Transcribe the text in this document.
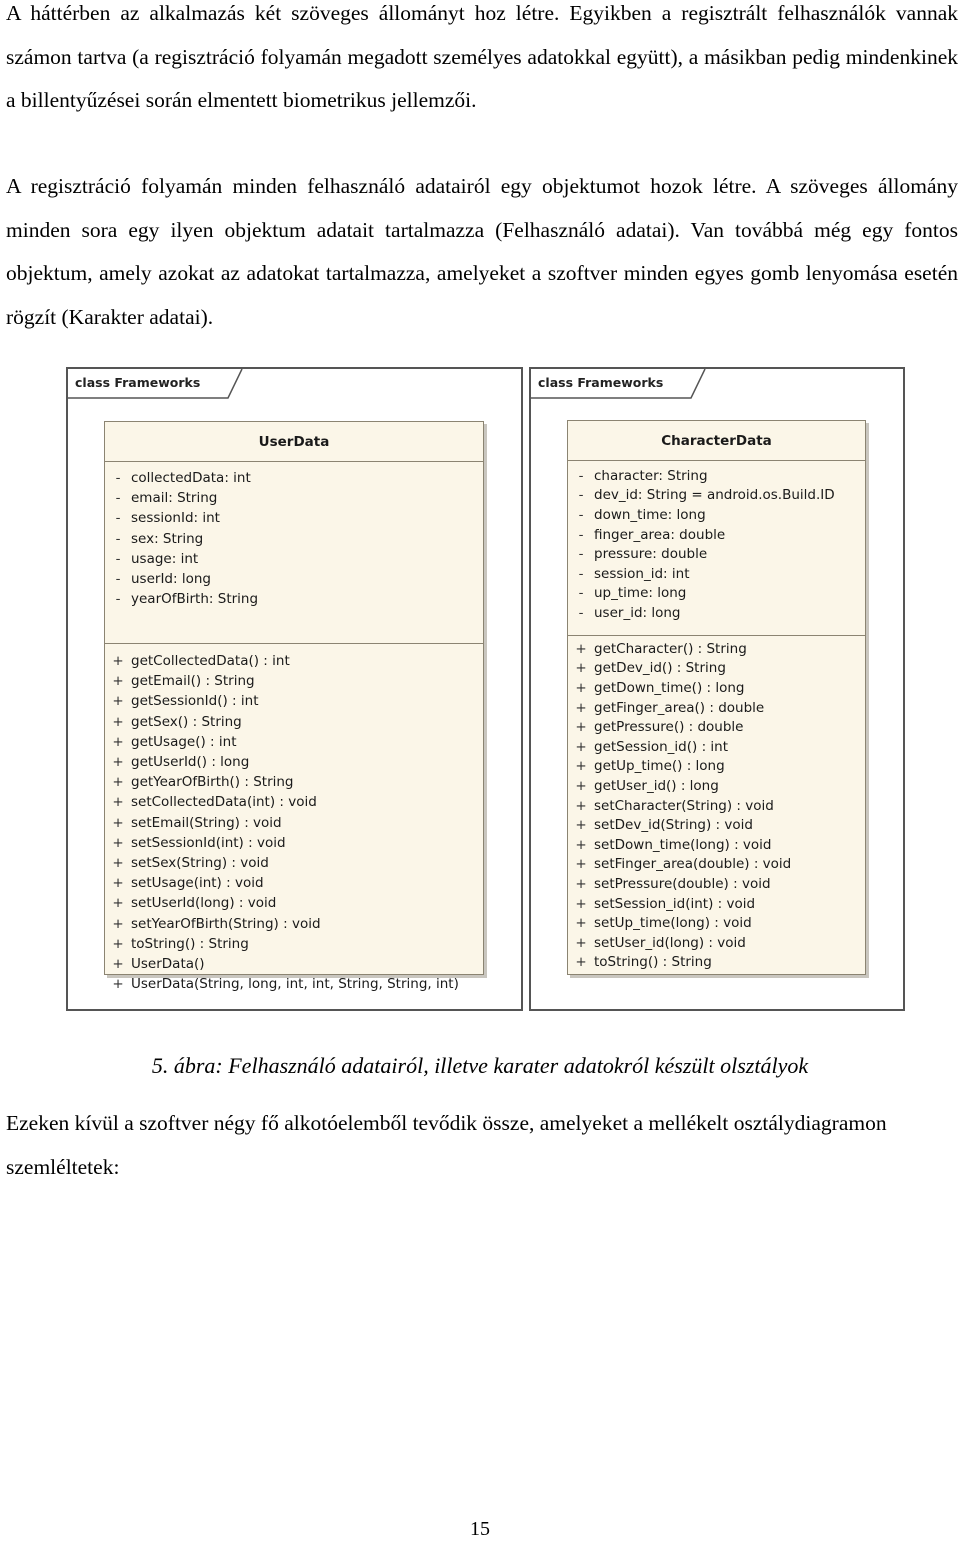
A háttérben az alkalmazás két szöveges állományt hoz létre. Egyikben a regisztrált felhasználók vannak számon tartva (a regisztráció folyamán megadott személyes adatokkal együtt), a másikban pedig mindenkinek a billentyűzései során elmentett biometrikus jellemzői.

A regisztráció folyamán minden felhasználó adatairól egy objektumot hozok létre. A szöveges állomány minden sora egy ilyen objektum adatait tartalmazza (Felhasználó adatai). Van továbbá még egy fontos objektum, amely azokat az adatokat tartalmazza, amelyeket a szoftver minden egyes gomb lenyomása esetén rögzít (Karakter adatai).

class Frameworks	class Frameworks
UserData
- collectedData: int
- email: String
- sessionId: int
- sex: String
- usage: int
- userId: long
- yearOfBirth: String
+ getCollectedData() : int
+ getEmail() : String
+ getSessionId() : int
+ getSex() : String
+ getUsage() : int
+ getUserId() : long
+ getYearOfBirth() : String
+ setCollectedData(int) : void
+ setEmail(String) : void
+ setSessionId(int) : void
+ setSex(String) : void
+ setUsage(int) : void
+ setUserId(long) : void
+ setYearOfBirth(String) : void
+ toString() : String
+ UserData()
+ UserData(String, long, int, int, String, String, int)
CharacterData
- character: String
- dev_id: String = android.os.Build.ID
- down_time: long
- finger_area: double
- pressure: double
- session_id: int
- up_time: long
- user_id: long
+ getCharacter() : String
+ getDev_id() : String
+ getDown_time() : long
+ getFinger_area() : double
+ getPressure() : double
+ getSession_id() : int
+ getUp_time() : long
+ getUser_id() : long
+ setCharacter(String) : void
+ setDev_id(String) : void
+ setDown_time(long) : void
+ setFinger_area(double) : void
+ setPressure(double) : void
+ setSession_id(int) : void
+ setUp_time(long) : void
+ setUser_id(long) : void
+ toString() : String

5. ábra: Felhasználó adatairól, illetve karater adatokról készült olsztályok

Ezeken kívül a szoftver négy fő alkotóelemből tevődik össze, amelyeket a mellékelt osztálydiagramon szemléltetek:

15
